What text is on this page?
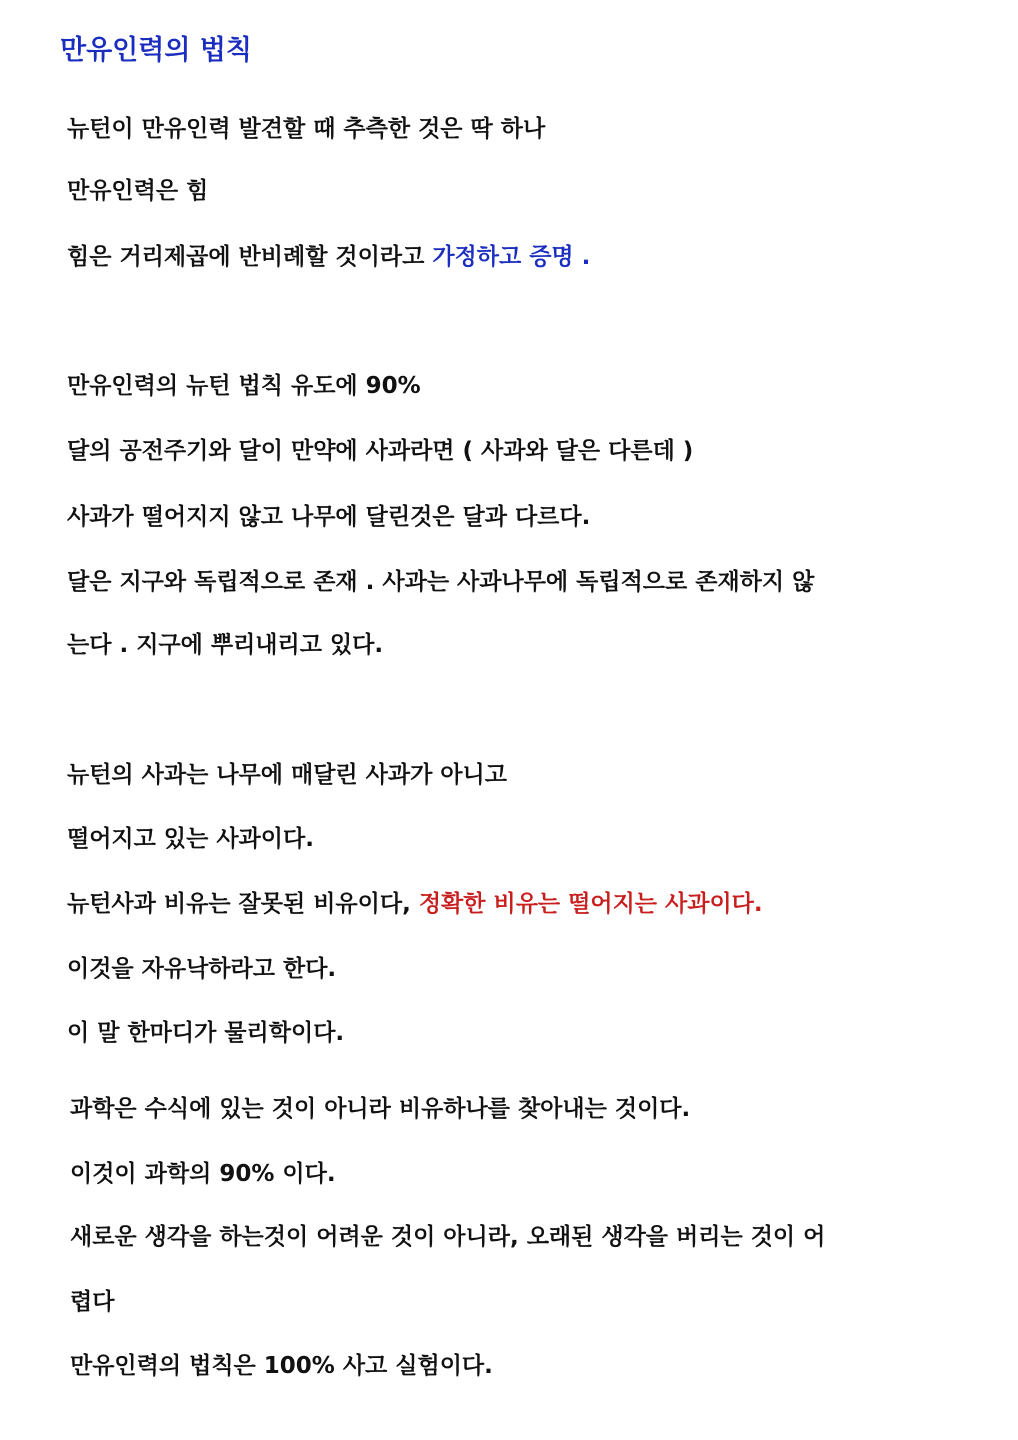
만유인력의 법칙
뉴턴이 만유인력 발견할 때 추측한 것은 딱 하나
만유인력은 힘
힘은 거리제곱에 반비례할 것이라고 가정하고 증명 .
만유인력의 뉴턴 법칙 유도에 90%
달의 공전주기와 달이 만약에 사과라면 ( 사과와 달은 다른데 )
사과가 떨어지지 않고 나무에 달린것은 달과 다르다.
달은 지구와 독립적으로 존재 . 사과는 사과나무에 독립적으로 존재하지 않
는다 . 지구에 뿌리내리고 있다.
뉴턴의 사과는 나무에 매달린 사과가 아니고
떨어지고 있는 사과이다.
뉴턴사과 비유는 잘못된 비유이다, 정확한 비유는 떨어지는 사과이다.
이것을 자유낙하라고 한다.
이 말 한마디가 물리학이다.
과학은 수식에 있는 것이 아니라 비유하나를 찾아내는 것이다.
이것이 과학의 90% 이다.
새로운 생각을 하는것이 어려운 것이 아니라, 오래된 생각을 버리는 것이 어
렵다
만유인력의 법칙은 100% 사고 실험이다.
